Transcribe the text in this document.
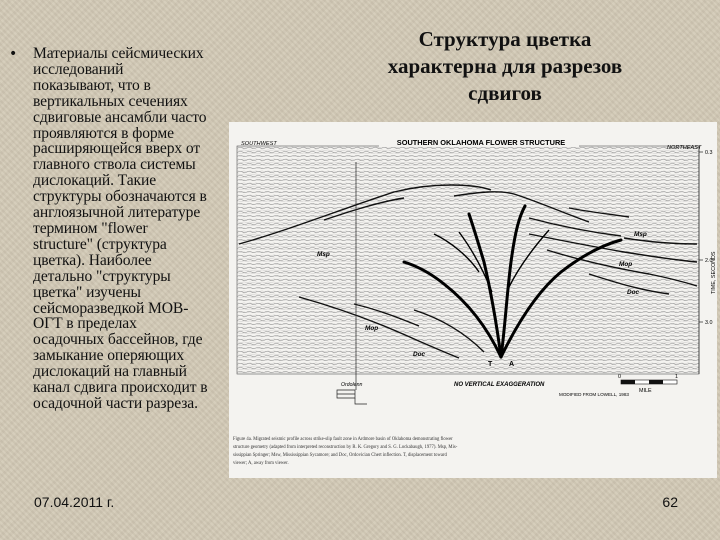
• Материалы сейсмических
исследований
показывают, что в
вертикальных сечениях
сдвиговые ансамбли часто
проявляются в форме
расширяющейся вверх от
главного ствола системы
дислокаций. Такие
структуры обозначаются в
англоязычной литературе
термином "flower
structure" (структура
цветка). Наиболее
детально "структуры
цветка" изучены
сейсморазведкой МОВ-
ОГТ в пределах
осадочных бассейнов, где
замыкание оперяющих
дислокаций на главный
канал сдвига происходит в
осадочной части разреза.

Структура цветка
характерна для разрезов
сдвигов
SOUTHERN OKLAHOMA FLOWER STRUCTURE
SOUTHWEST
NORTHEAST
Msp
Msp
Mop
Doc
Mop
Doc
T A
0.3
2.0
3.0
TIME, SECONDS
Ordolenn	NO VERTICAL EXAGGERATION
MODIFIED FROM LOWELL, 1983
0
MILE
1
Figure 4a. Migrated seismic profile across strike-slip fault zone in Ardmore basin of Oklahoma demonstrating flower
structure geometry (adapted from interpreted reconstruction by R. K. Gregory and S. G. Lockabaugh, 1977). Msp, Mis-
sissippian Springer; Msw, Mississippian Sycamore; and Doc, Ordovician Chert inflection. T, displacement toward
viewer; A, away from viewer.
07.04.2011 г.	62
